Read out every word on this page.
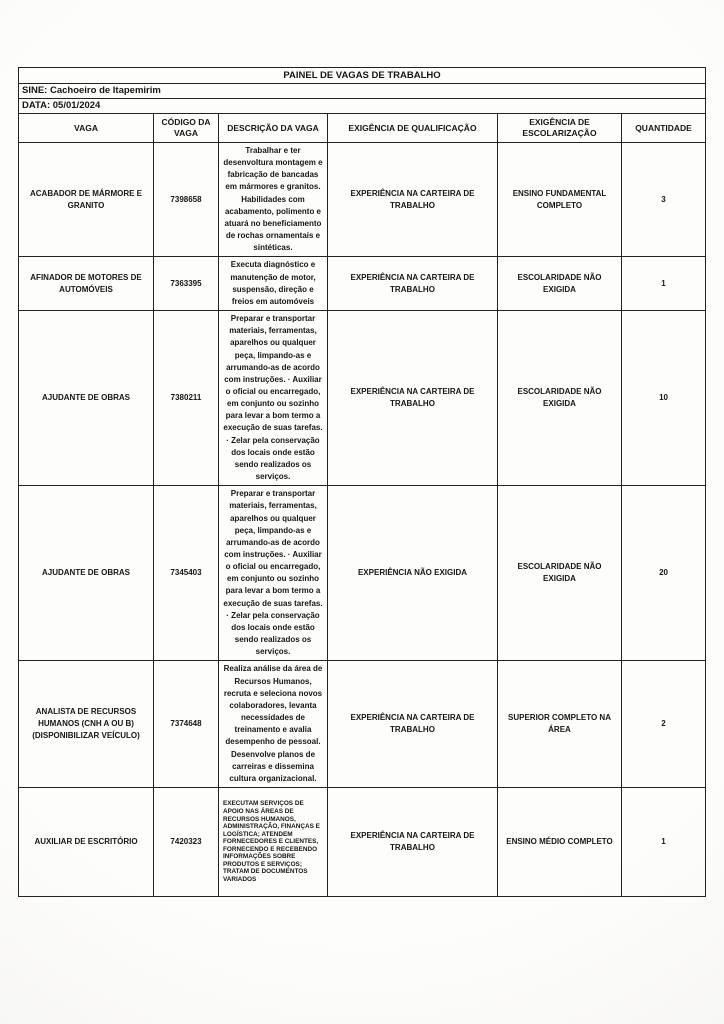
PAINEL DE VAGAS DE TRABALHO					
SINE: Cachoeiro de Itapemirim					
DATA: 05/01/2024					
VAGA	CÓDIGO DA VAGA	DESCRIÇÃO DA VAGA	EXIGÊNCIA DE QUALIFICAÇÃO	EXIGÊNCIA DE ESCOLARIZAÇÃO	QUANTIDADE
ACABADOR DE MÁRMORE E GRANITO	7398658	Trabalhar e ter desenvoltura montagem e fabricação de bancadas em mármores e granitos. Habilidades com acabamento, polimento e atuará no beneficiamento de rochas ornamentais e sintéticas.	EXPERIÊNCIA NA CARTEIRA DE TRABALHO	ENSINO FUNDAMENTAL COMPLETO	3
AFINADOR DE MOTORES DE AUTOMÓVEIS	7363395	Executa diagnóstico e manutenção de motor, suspensão, direção e freios em automóveis	EXPERIÊNCIA NA CARTEIRA DE TRABALHO	ESCOLARIDADE NÃO EXIGIDA	1
AJUDANTE DE OBRAS	7380211	Preparar e transportar materiais, ferramentas, aparelhos ou qualquer peça, limpando-as e arrumando-as de acordo com instruções. · Auxiliar o oficial ou encarregado, em conjunto ou sozinho para levar a bom termo a execução de suas tarefas. · Zelar pela conservação dos locais onde estão sendo realizados os serviços.	EXPERIÊNCIA NA CARTEIRA DE TRABALHO	ESCOLARIDADE NÃO EXIGIDA	10
AJUDANTE DE OBRAS	7345403	Preparar e transportar materiais, ferramentas, aparelhos ou qualquer peça, limpando-as e arrumando-as de acordo com instruções. · Auxiliar o oficial ou encarregado, em conjunto ou sozinho para levar a bom termo a execução de suas tarefas. · Zelar pela conservação dos locais onde estão sendo realizados os serviços.	EXPERIÊNCIA NÃO EXIGIDA	ESCOLARIDADE NÃO EXIGIDA	20
ANALISTA DE RECURSOS HUMANOS (CNH A OU B) (DISPONIBILIZAR VEÍCULO)	7374648	Realiza análise da área de Recursos Humanos, recruta e seleciona novos colaboradores, levanta necessidades de treinamento e avalia desempenho de pessoal. Desenvolve planos de carreiras e dissemina cultura organizacional.	EXPERIÊNCIA NA CARTEIRA DE TRABALHO	SUPERIOR COMPLETO NA ÁREA	2
AUXILIAR DE ESCRITÓRIO	7420323	EXECUTAM SERVIÇOS DE APOIO NAS ÁREAS DE RECURSOS HUMANOS, ADMINISTRAÇÃO, FINANÇAS E LOGÍSTICA; ATENDEM FORNECEDORES E CLIENTES, FORNECENDO E RECEBENDO INFORMAÇÕES SOBRE PRODUTOS E SERVIÇOS; TRATAM DE DOCUMENTOS VARIADOS	EXPERIÊNCIA NA CARTEIRA DE TRABALHO	ENSINO MÉDIO COMPLETO	1
